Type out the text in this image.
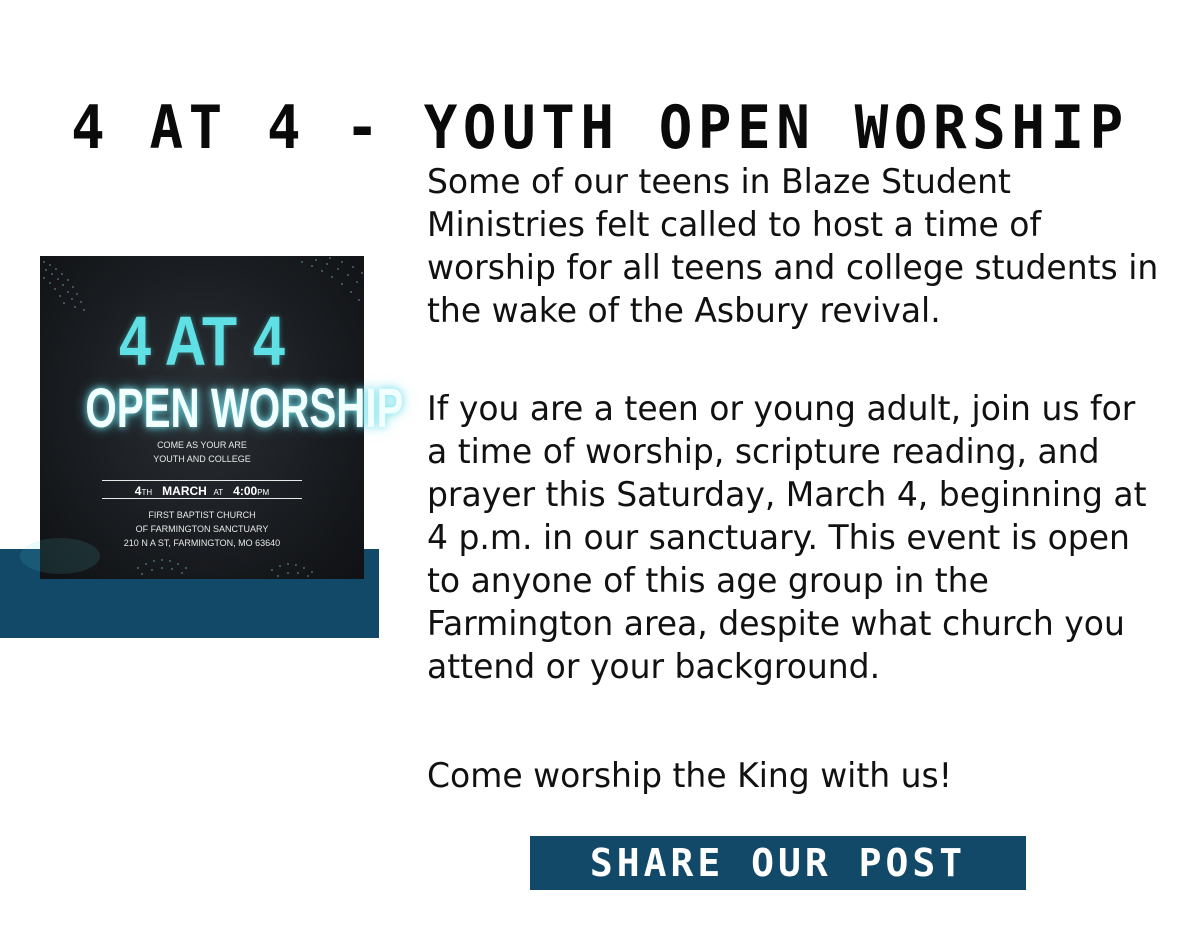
4 AT 4 - YOUTH OPEN WORSHIP
4 AT 4
OPEN WORSHIP
COME AS YOUR ARE
YOUTH AND COLLEGE
4TH MARCH AT 4:00PM
FIRST BAPTIST CHURCH
OF FARMINGTON SANCTUARY
210 N A ST, FARMINGTON, MO 63640

Some of our teens in Blaze Student Ministries felt called to host a time of worship for all teens and college students in the wake of the Asbury revival.

If you are a teen or young adult, join us for a time of worship, scripture reading, and prayer this Saturday, March 4, beginning at 4 p.m. in our sanctuary. This event is open to anyone of this age group in the Farmington area, despite what church you attend or your background.

Come worship the King with us!

SHARE OUR POST
